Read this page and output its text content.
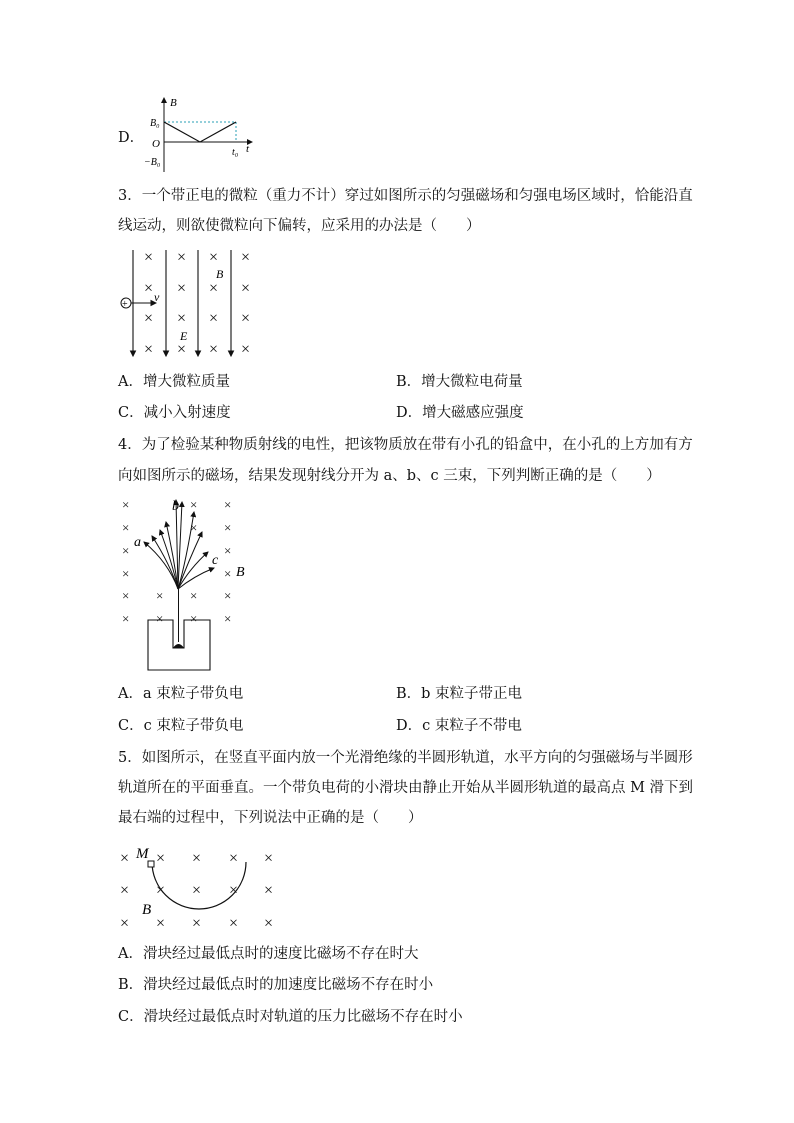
D．
B
B₀
O
−B₀
t₀ t
3．一个带正电的微粒（重力不计）穿过如图所示的匀强磁场和匀强电场区域时，恰能沿直
线运动，则欲使微粒向下偏转，应采用的办法是（　　）
× × × ×
× × × ×
× × × ×
× × × ×
+
v
B
E
A．增大微粒质量	B．增大微粒电荷量
C．减小入射速度	D．增大磁感应强度
4．为了检验某种物质射线的电性，把该物质放在带有小孔的铅盒中，在小孔的上方加有方
向如图所示的磁场，结果发现射线分开为 a、b、c 三束，下列判断正确的是（　　）
×	× ×
×	× ×
×	×
×	×
× × × ×
× × × ×
a
b
c
B
A．a 束粒子带负电	B．b 束粒子带正电
C．c 束粒子带负电	D．c 束粒子不带电
5．如图所示，在竖直平面内放一个光滑绝缘的半圆形轨道，水平方向的匀强磁场与半圆形
轨道所在的平面垂直。一个带负电荷的小滑块由静止开始从半圆形轨道的最高点 M 滑下到
最右端的过程中，下列说法中正确的是（　　）
× × × × ×
× × × × ×
× × × × ×
M
B
A．滑块经过最低点时的速度比磁场不存在时大
B．滑块经过最低点时的加速度比磁场不存在时小
C．滑块经过最低点时对轨道的压力比磁场不存在时小
